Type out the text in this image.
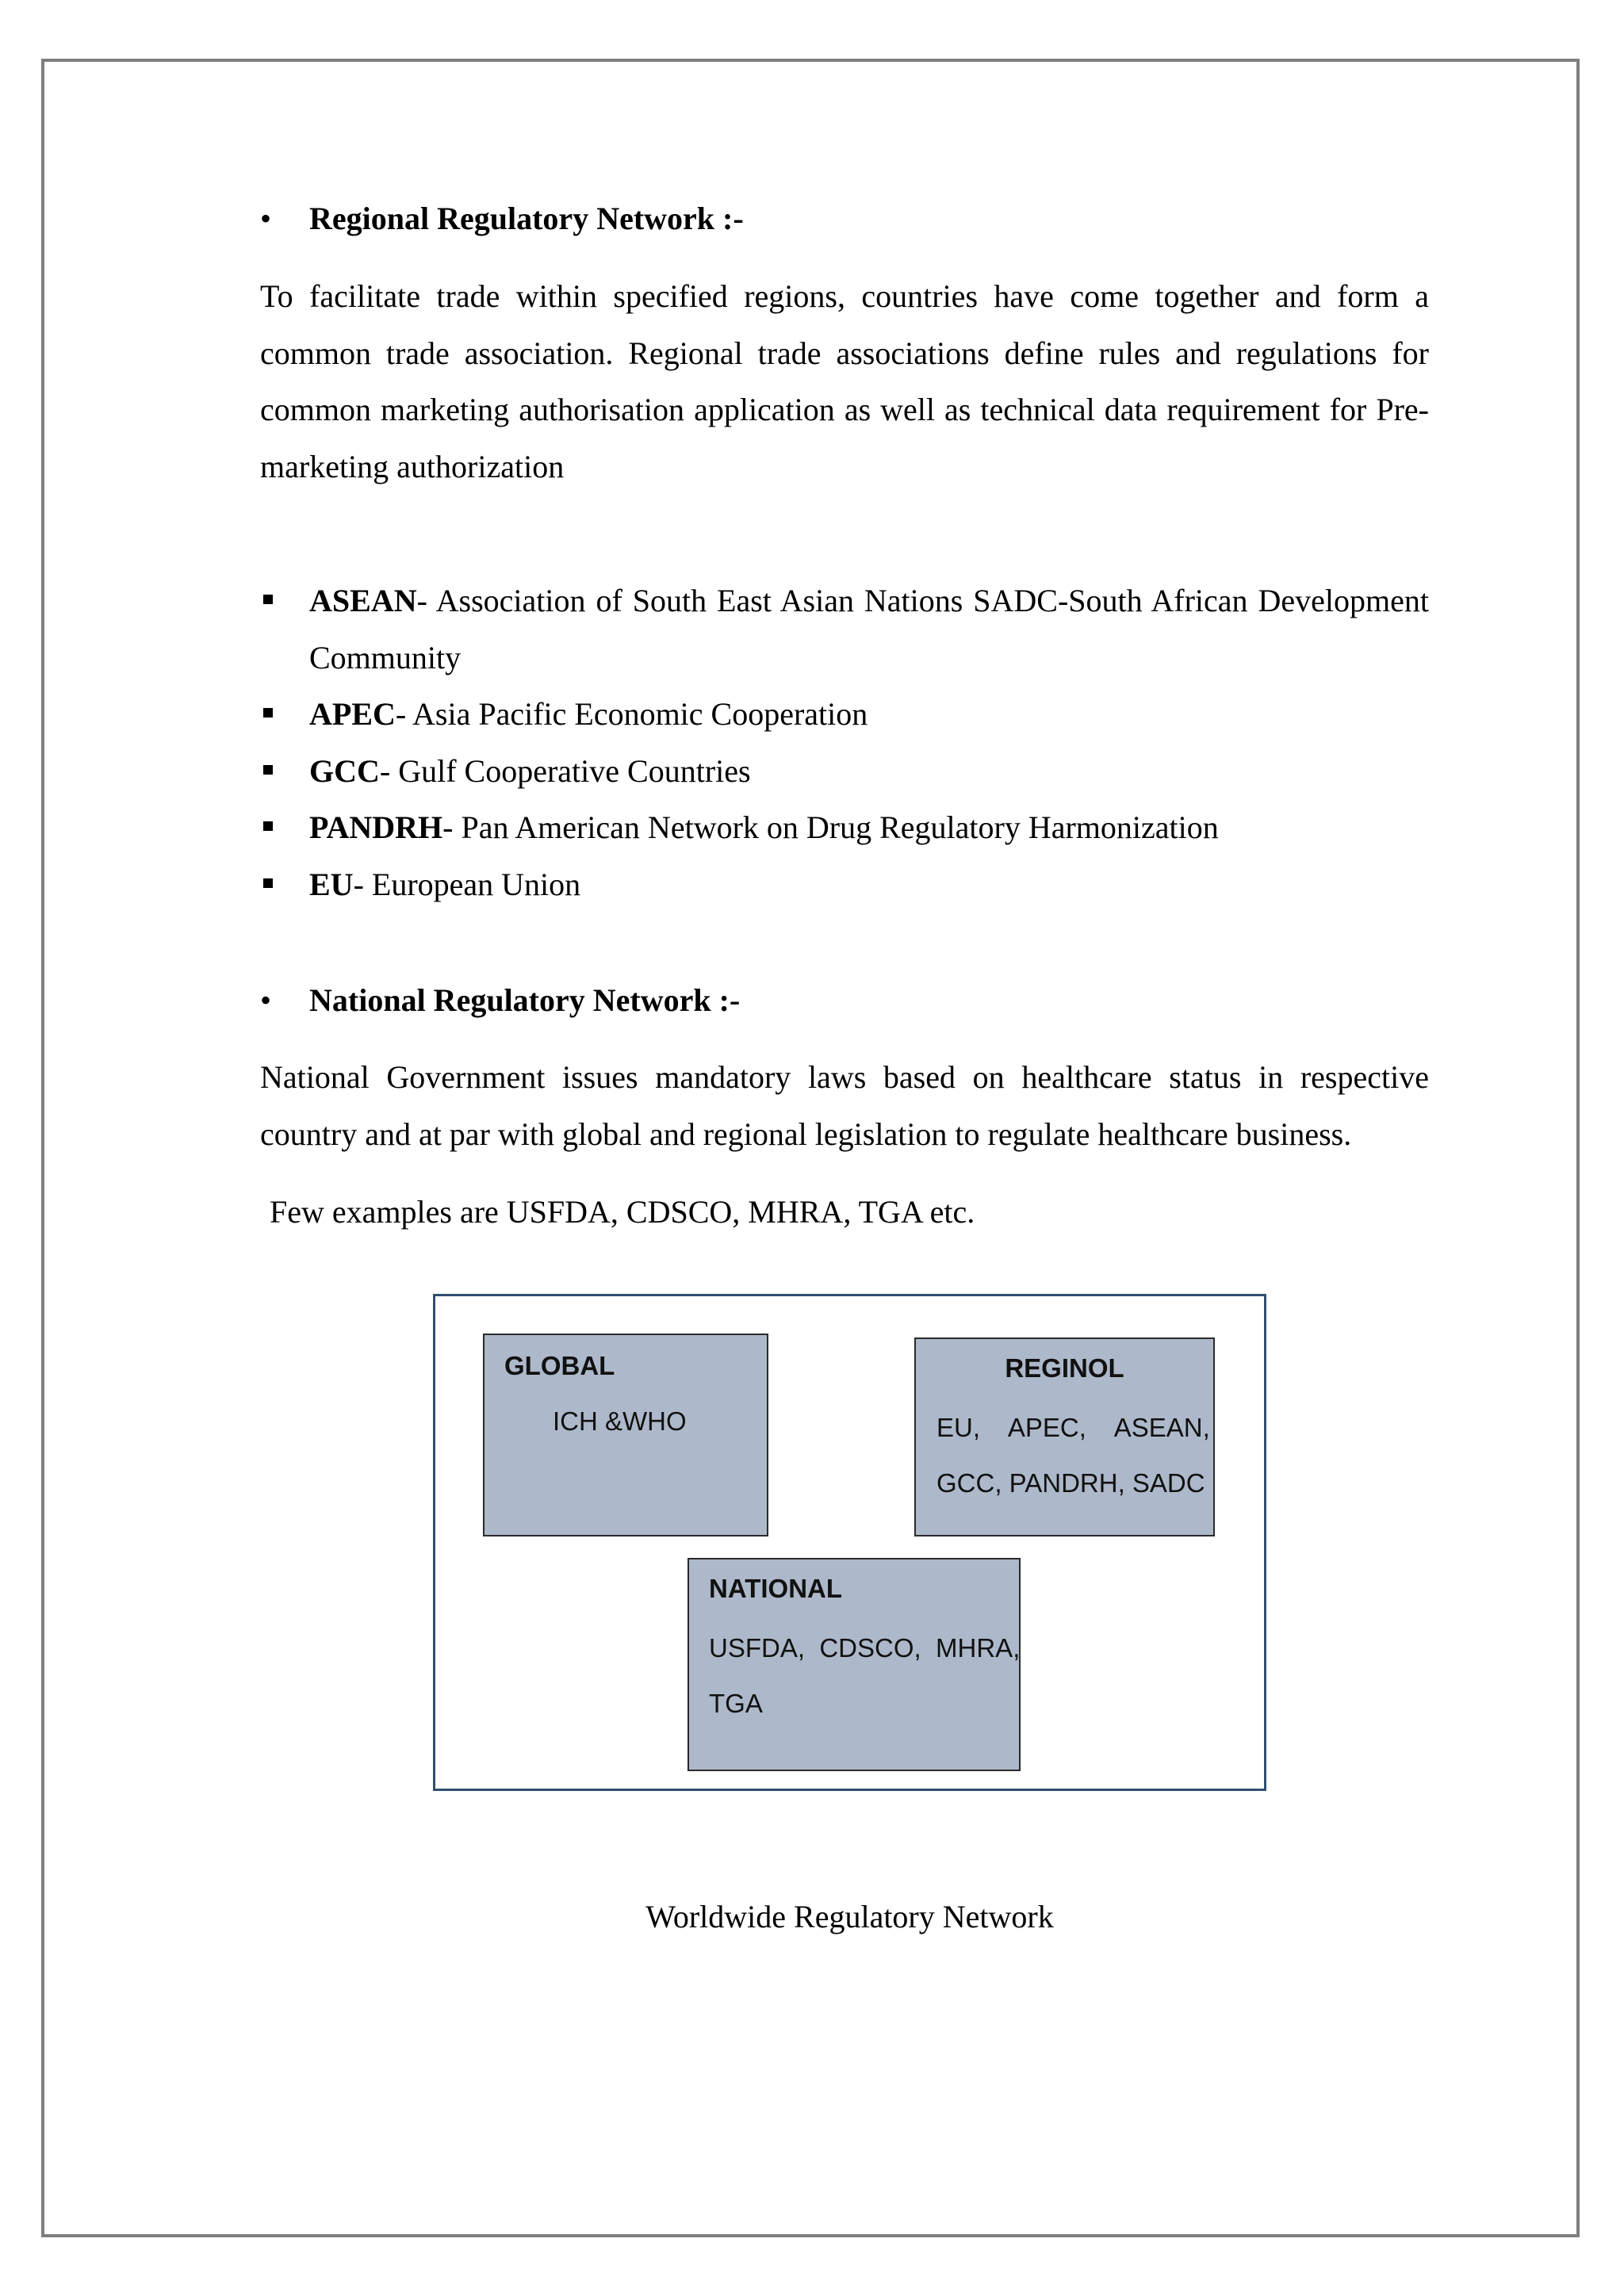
• Regional Regulatory Network :-
To facilitate trade within specified regions, countries have come together and form a common trade association. Regional trade associations define rules and regulations for common marketing authorisation application as well as technical data requirement for Pre-marketing authorization
ASEAN- Association of South East Asian Nations SADC-South African Development Community
APEC- Asia Pacific Economic Cooperation
GCC- Gulf Cooperative Countries
PANDRH- Pan American Network on Drug Regulatory Harmonization
EU- European Union
• National Regulatory Network :-
National Government issues mandatory laws based on healthcare status in respective country and at par with global and regional legislation to regulate healthcare business.
Few examples are USFDA, CDSCO, MHRA, TGA etc.
GLOBAL
ICH &WHO
REGINOL
EU,    APEC,    ASEAN,
GCC, PANDRH, SADC
NATIONAL
USFDA,  CDSCO,  MHRA,
TGA
Worldwide Regulatory Network
